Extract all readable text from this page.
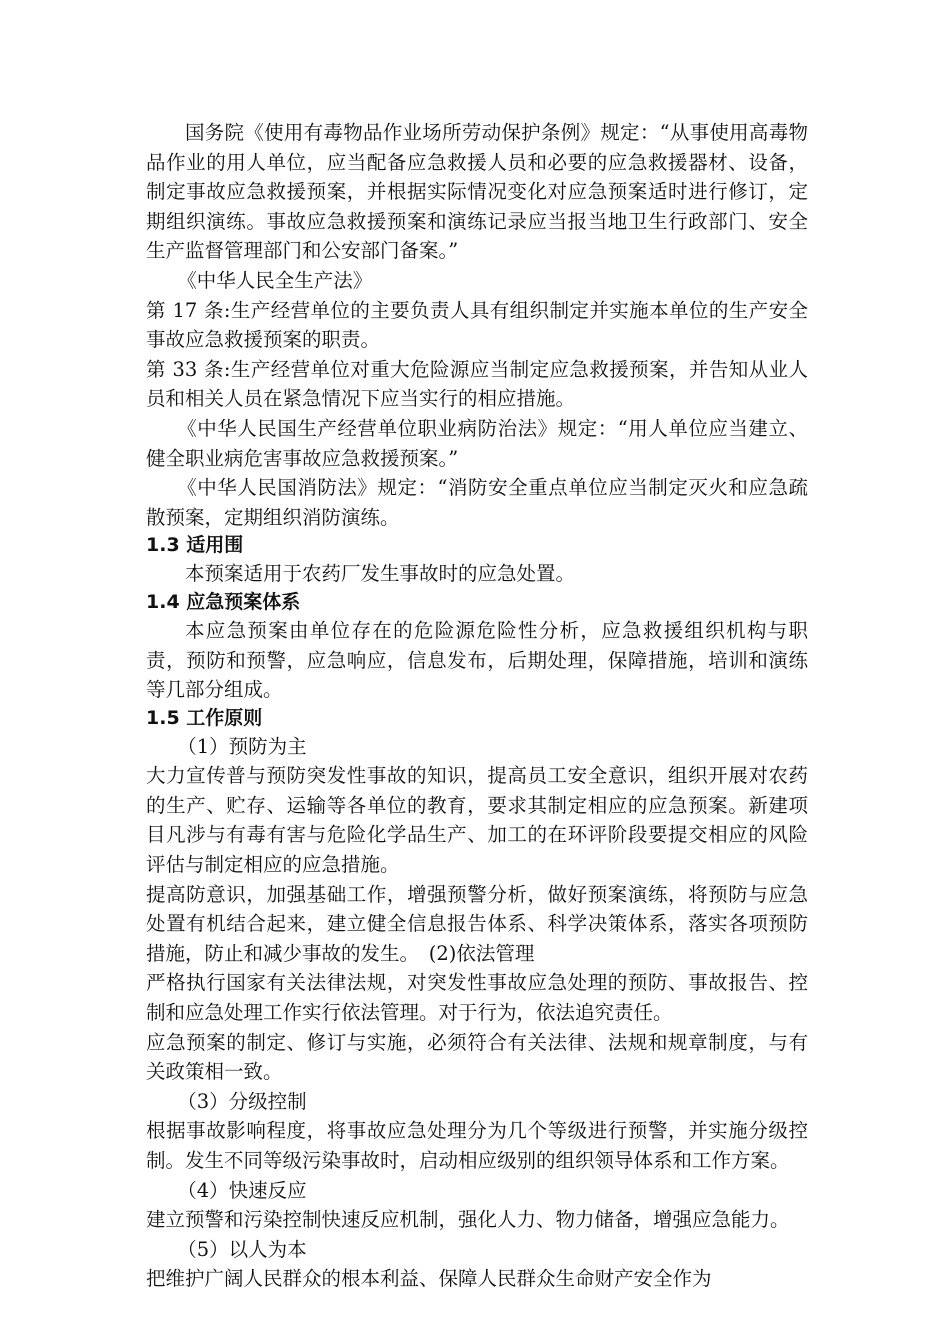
国务院《使用有毒物品作业场所劳动保护条例》规定：“从事使用高毒物品作业的用人单位，应当配备应急救援人员和必要的应急救援器材、设备，制定事故应急救援预案，并根据实际情况变化对应急预案适时进行修订，定期组织演练。事故应急救援预案和演练记录应当报当地卫生行政部门、安全生产监督管理部门和公安部门备案。”

《中华人民全生产法》

第 17 条:生产经营单位的主要负责人具有组织制定并实施本单位的生产安全事故应急救援预案的职责。

第 33 条:生产经营单位对重大危险源应当制定应急救援预案，并告知从业人员和相关人员在紧急情况下应当实行的相应措施。

《中华人民国生产经营单位职业病防治法》规定：“用人单位应当建立、健全职业病危害事故应急救援预案。”

《中华人民国消防法》规定：“消防安全重点单位应当制定灭火和应急疏散预案，定期组织消防演练。

1.3 适用围

本预案适用于农药厂发生事故时的应急处置。

1.4 应急预案体系

本应急预案由单位存在的危险源危险性分析，应急救援组织机构与职责，预防和预警，应急响应，信息发布，后期处理，保障措施，培训和演练等几部分组成。

1.5 工作原则

（1）预防为主

大力宣传普与预防突发性事故的知识，提高员工安全意识，组织开展对农药的生产、贮存、运输等各单位的教育，要求其制定相应的应急预案。新建项目凡涉与有毒有害与危险化学品生产、加工的在环评阶段要提交相应的风险评估与制定相应的应急措施。

提高防意识，加强基础工作，增强预警分析，做好预案演练，将预防与应急处置有机结合起来，建立健全信息报告体系、科学决策体系，落实各项预防措施，防止和减少事故的发生。　(2)依法管理

严格执行国家有关法律法规，对突发性事故应急处理的预防、事故报告、控制和应急处理工作实行依法管理。对于行为，依法追究责任。

应急预案的制定、修订与实施，必须符合有关法律、法规和规章制度，与有关政策相一致。

（3）分级控制

根据事故影响程度，将事故应急处理分为几个等级进行预警，并实施分级控制。发生不同等级污染事故时，启动相应级别的组织领导体系和工作方案。

（4）快速反应

建立预警和污染控制快速反应机制，强化人力、物力储备，增强应急能力。

（5）以人为本

把维护广阔人民群众的根本利益、保障人民群众生命财产安全作为
